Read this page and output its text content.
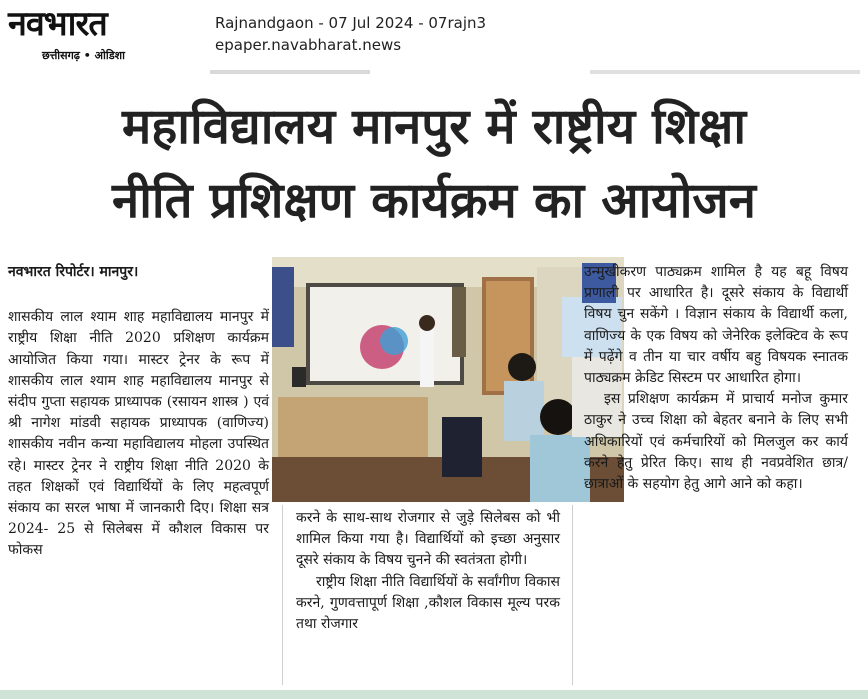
नवभारत
छत्तीसगढ़ • ओडिशा
Rajnandgaon - 07 Jul 2024 - 07rajn3
epaper.navabharat.news
महाविद्यालय मानपुर में राष्ट्रीय शिक्षा
नीति प्रशिक्षण कार्यक्रम का आयोजन

नवभारत रिपोर्टर। मानपुर।

शासकीय लाल श्याम शाह महाविद्यालय मानपुर में राष्ट्रीय शिक्षा नीति 2020 प्रशिक्षण कार्यक्रम आयोजित किया गया। मास्टर ट्रेनर के रूप में शासकीय लाल श्याम शाह महाविद्यालय मानपुर से संदीप गुप्ता सहायक प्राध्यापक (रसायन शास्त्र ) एवं श्री नागेश मांडवी सहायक प्राध्यापक (वाणिज्य) शासकीय नवीन कन्या महाविद्यालय मोहला उपस्थित रहे। मास्टर ट्रेनर ने राष्ट्रीय शिक्षा नीति 2020 के तहत शिक्षकों एवं विद्यार्थियों के लिए महत्वपूर्ण संकाय का सरल भाषा में जानकारी दिए। शिक्षा सत्र 2024- 25 से सिलेबस में कौशल विकास पर फोकस

करने के साथ-साथ रोजगार से जुड़े सिलेबस को भी शामिल किया गया है। विद्यार्थियों को इच्छा अनुसार दूसरे संकाय के विषय चुनने की स्वतंत्रता होगी।

राष्ट्रीय शिक्षा नीति विद्यार्थियों के सर्वांगीण विकास करने, गुणवत्तापूर्ण शिक्षा ,कौशल विकास मूल्य परक तथा रोजगार

उन्मुखीकरण पाठ्यक्रम शामिल है यह बहू विषय प्रणाली पर आधारित है। दूसरे संकाय के विद्यार्थी विषय चुन सकेंगे । विज्ञान संकाय के विद्यार्थी कला, वाणिज्य के एक विषय को जेनेरिक इलेक्टिव के रूप में पढ़ेंगे व तीन या चार वर्षीय बहु विषयक स्नातक पाठ्यक्रम क्रेडिट सिस्टम पर आधारित होगा।

इस प्रशिक्षण कार्यक्रम में प्राचार्य मनोज कुमार ठाकुर ने उच्च शिक्षा को बेहतर बनाने के लिए सभी अधिकारियों एवं कर्मचारियों को मिलजुल कर कार्य करने हेतु प्रेरित किए। साथ ही नवप्रवेशित छात्र/छात्राओं के सहयोग हेतु आगे आने को कहा।
